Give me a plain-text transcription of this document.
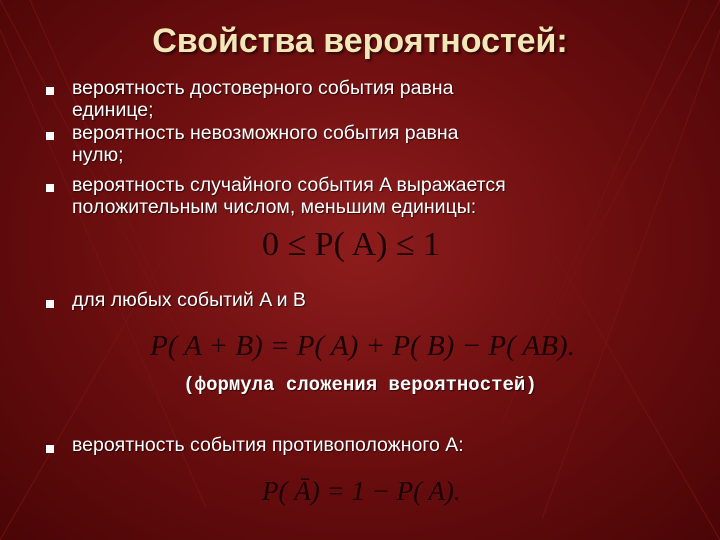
Свойства вероятностей:
вероятность достоверного события равна
единице;
вероятность невозможного события равна
нулю;
вероятность случайного события A выражается
положительным числом, меньшим единицы:
0 ≤ P( A) ≤ 1
для любых событий A и B
P( A + B) = P( A) + P( B) − P( AB).
(формула сложения вероятностей)
вероятность события противоположного A:
P( Ā) = 1 − P( A).
